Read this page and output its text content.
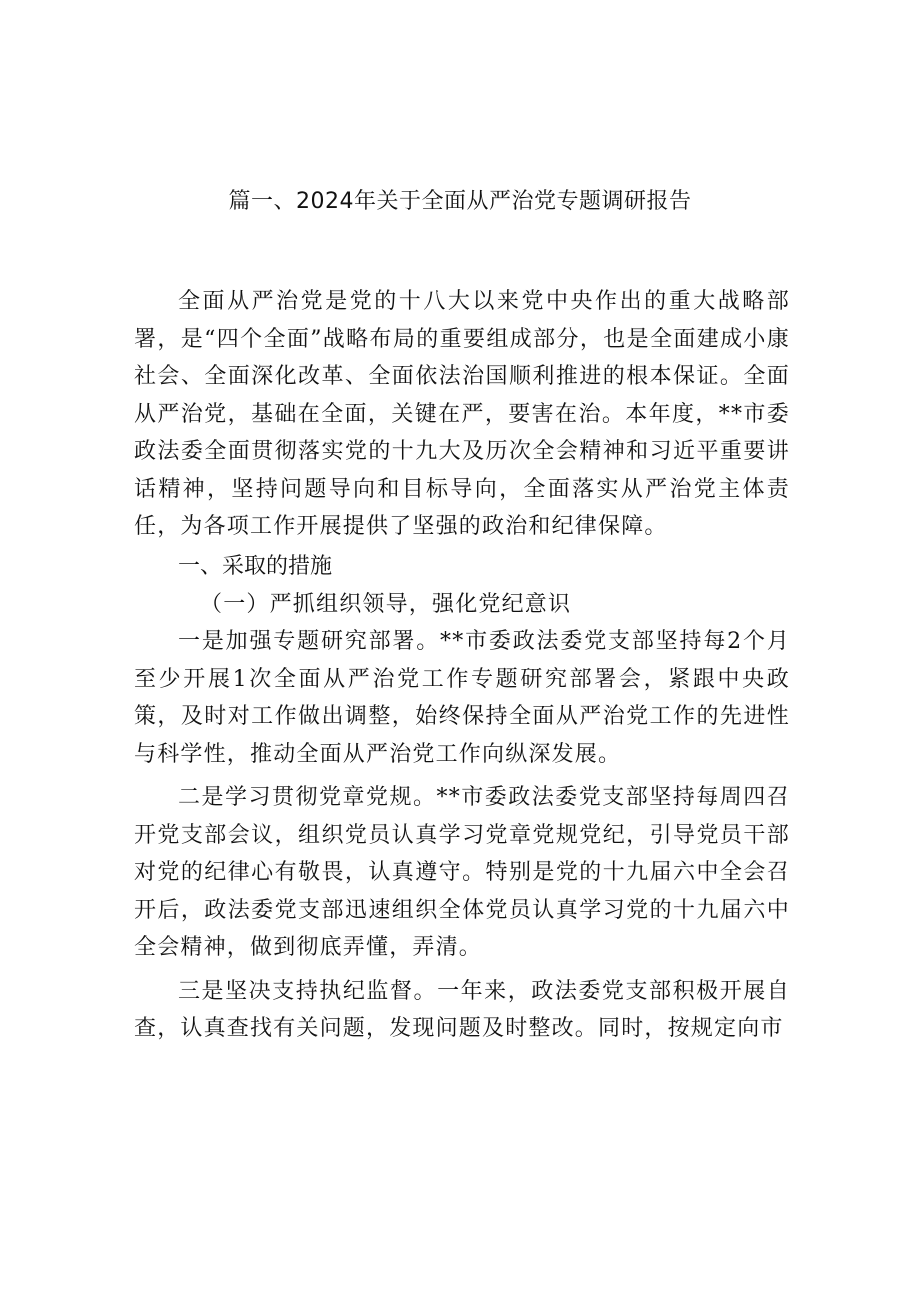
篇一、2024年关于全面从严治党专题调研报告

全面从严治党是党的十八大以来党中央作出的重大战略部署，是“四个全面”战略布局的重要组成部分，也是全面建成小康社会、全面深化改革、全面依法治国顺利推进的根本保证。全面从严治党，基础在全面，关键在严，要害在治。本年度，**市委政法委全面贯彻落实党的十九大及历次全会精神和习近平重要讲话精神，坚持问题导向和目标导向，全面落实从严治党主体责任，为各项工作开展提供了坚强的政治和纪律保障。

一、采取的措施

（一）严抓组织领导，强化党纪意识

一是加强专题研究部署。**市委政法委党支部坚持每2个月至少开展1次全面从严治党工作专题研究部署会，紧跟中央政策，及时对工作做出调整，始终保持全面从严治党工作的先进性与科学性，推动全面从严治党工作向纵深发展。

二是学习贯彻党章党规。**市委政法委党支部坚持每周四召开党支部会议，组织党员认真学习党章党规党纪，引导党员干部对党的纪律心有敬畏，认真遵守。特别是党的十九届六中全会召开后，政法委党支部迅速组织全体党员认真学习党的十九届六中全会精神，做到彻底弄懂，弄清。

三是坚决支持执纪监督。一年来，政法委党支部积极开展自查，认真查找有关问题，发现问题及时整改。同时，按规定向市
